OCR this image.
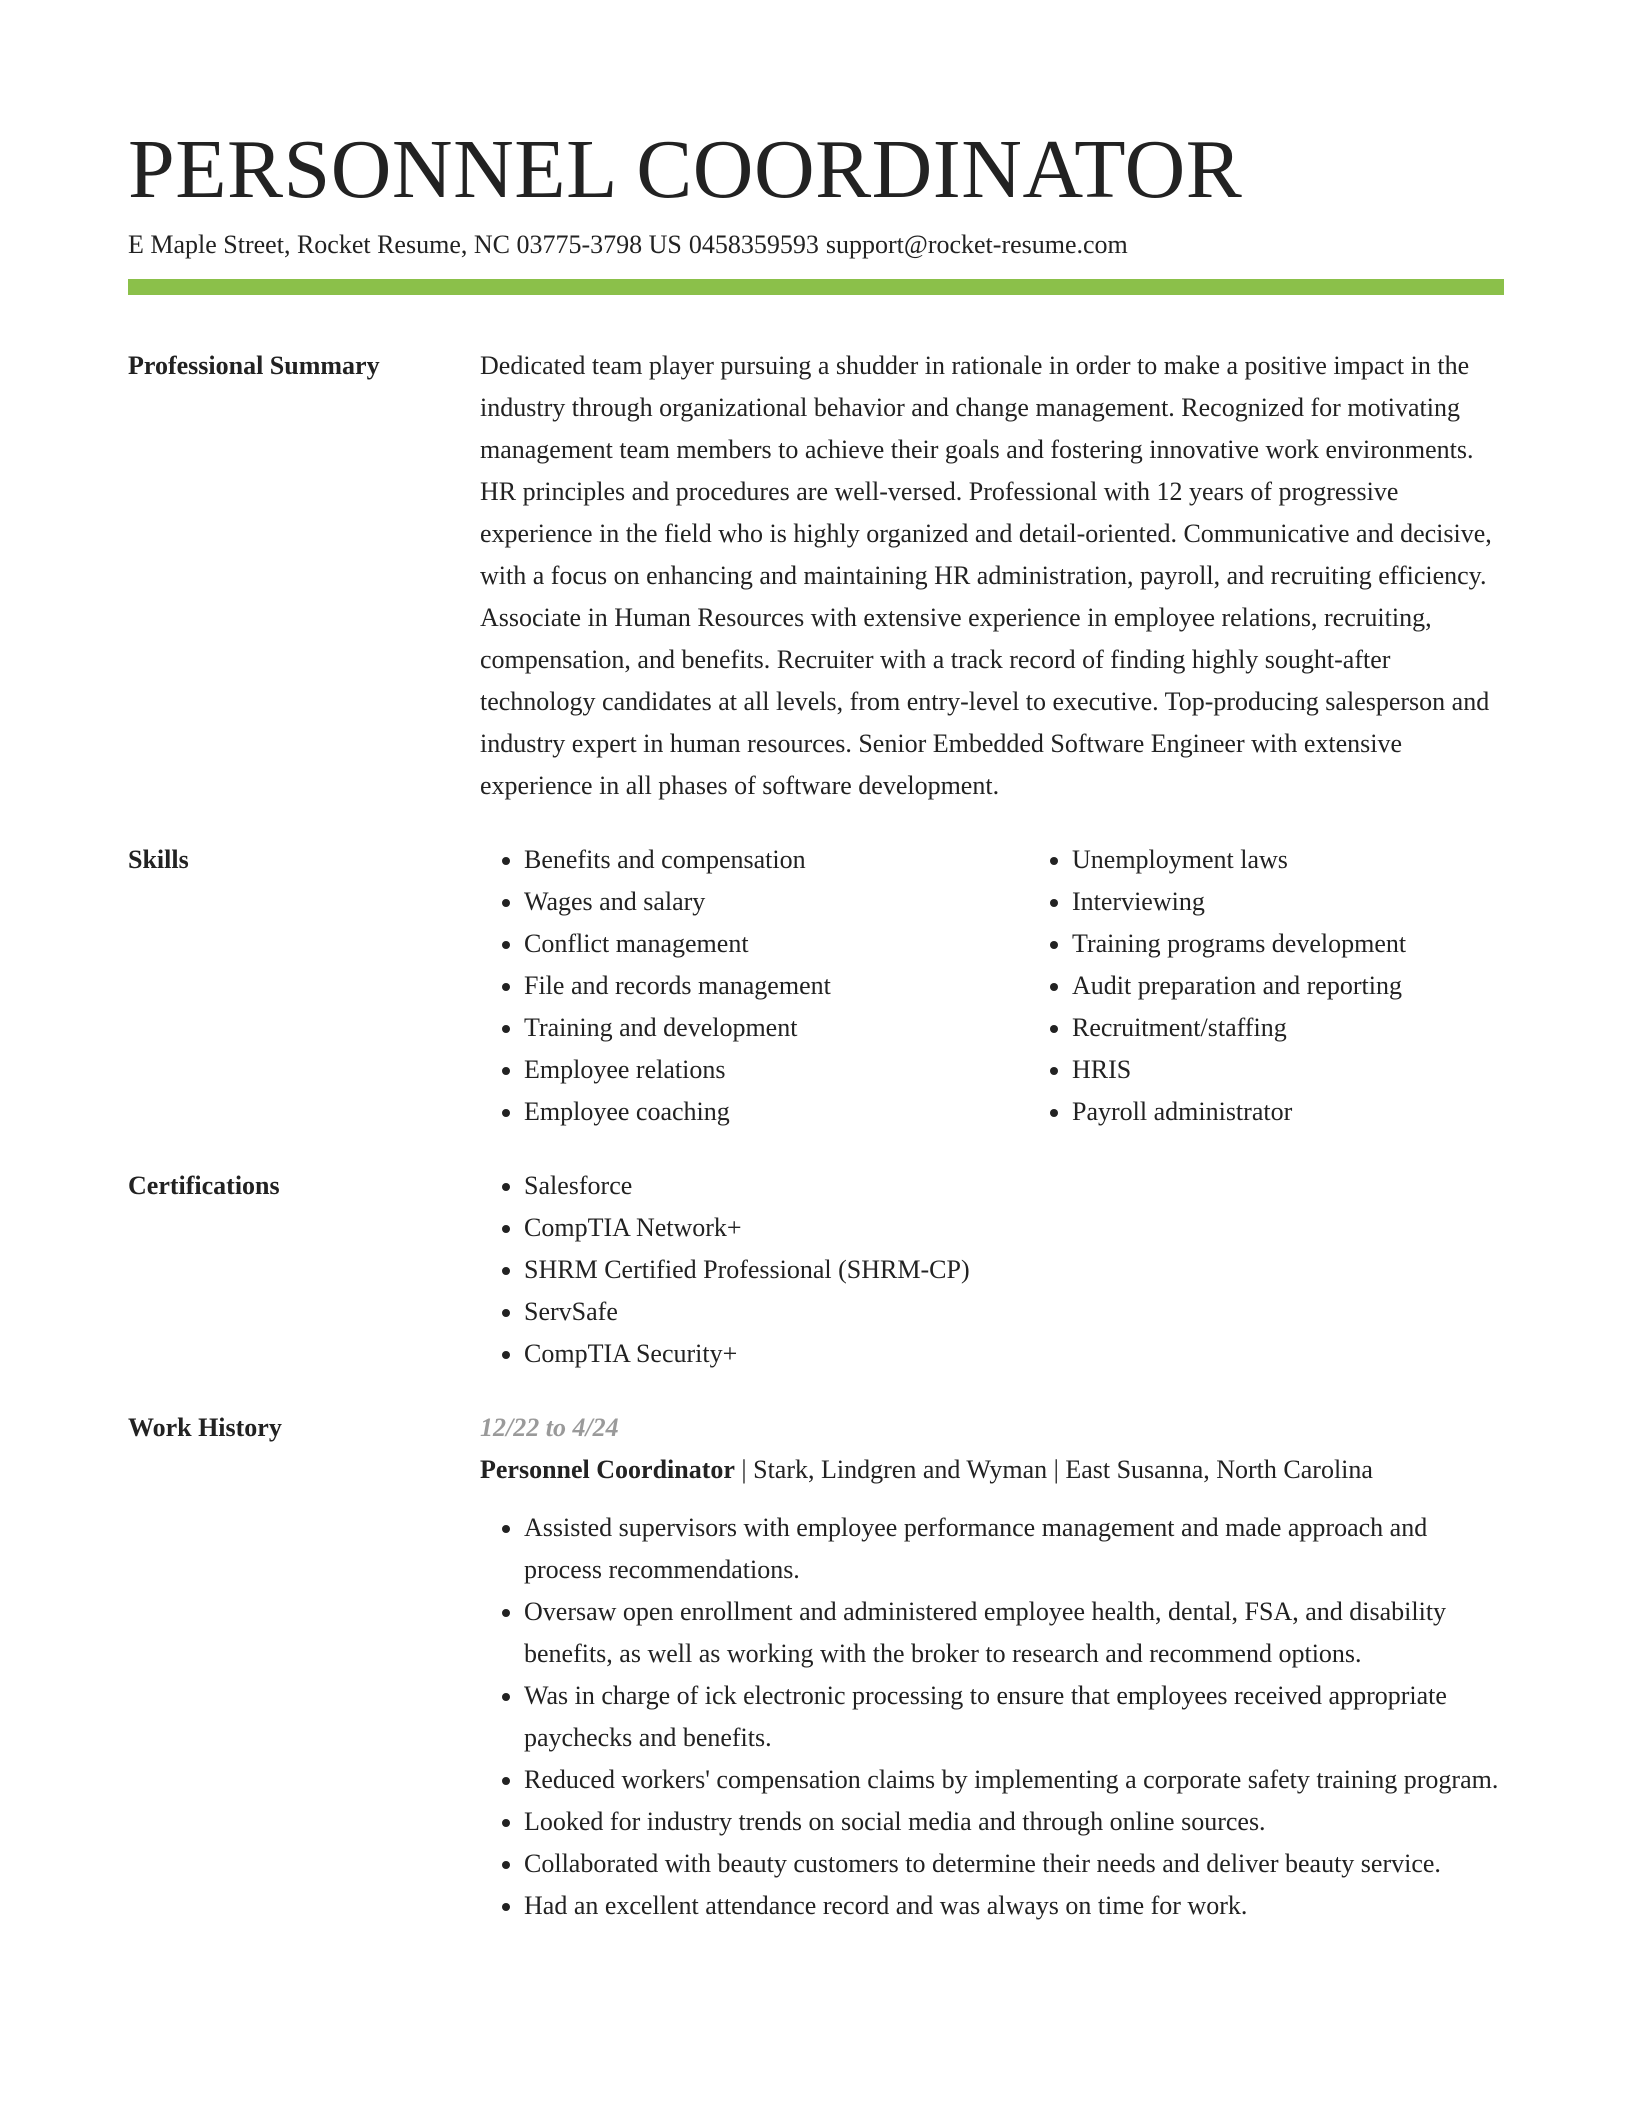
PERSONNEL COORDINATOR
E Maple Street, Rocket Resume, NC 03775-3798 US 0458359593 support@rocket-resume.com
Professional Summary	Dedicated team player pursuing a shudder in rationale in order to make a positive impact in the industry through organizational behavior and change management. Recognized for motivating management team members to achieve their goals and fostering innovative work environments. HR principles and procedures are well-versed. Professional with 12 years of progressive experience in the field who is highly organized and detail-oriented. Communicative and decisive, with a focus on enhancing and maintaining HR administration, payroll, and recruiting efficiency. Associate in Human Resources with extensive experience in employee relations, recruiting, compensation, and benefits. Recruiter with a track record of finding highly sought-after technology candidates at all levels, from entry-level to executive. Top-producing salesperson and industry expert in human resources. Senior Embedded Software Engineer with extensive experience in all phases of software development.

Skills	• Benefits and compensation
• Wages and salary
• Conflict management
• File and records management
• Training and development
• Employee relations
• Employee coaching
• Unemployment laws
• Interviewing
• Training programs development
• Audit preparation and reporting
• Recruitment/staffing
• HRIS
• Payroll administrator
Certifications	• Salesforce
• CompTIA Network+
• SHRM Certified Professional (SHRM-CP)
• ServSafe
• CompTIA Security+
Work History	12/22 to 4/24
Personnel Coordinator | Stark, Lindgren and Wyman | East Susanna, North Carolina
• Assisted supervisors with employee performance management and made approach and process recommendations.
• Oversaw open enrollment and administered employee health, dental, FSA, and disability benefits, as well as working with the broker to research and recommend options.
• Was in charge of ick electronic processing to ensure that employees received appropriate paychecks and benefits.
• Reduced workers' compensation claims by implementing a corporate safety training program.
• Looked for industry trends on social media and through online sources.
• Collaborated with beauty customers to determine their needs and deliver beauty service.
• Had an excellent attendance record and was always on time for work.
